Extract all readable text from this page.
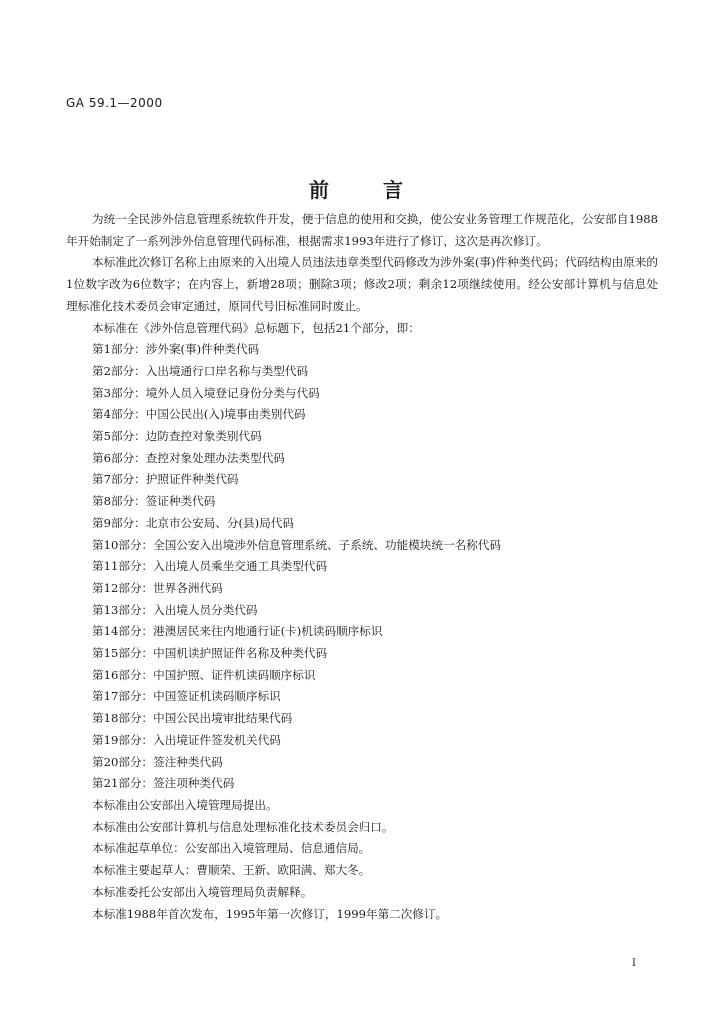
GA 59.1—2000
前	言

为统一全民涉外信息管理系统软件开发，便于信息的使用和交换，使公安业务管理工作规范化，公安部自1988年开始制定了一系列涉外信息管理代码标准，根据需求1993年进行了修订，这次是再次修订。

本标准此次修订名称上由原来的入出境人员违法违章类型代码修改为涉外案(事)件种类代码；代码结构由原来的1位数字改为6位数字；在内容上，新增28项；删除3项；修改2项；剩余12项继续使用。经公安部计算机与信息处理标准化技术委员会审定通过，原同代号旧标准同时废止。

本标准在《涉外信息管理代码》总标题下，包括21个部分，即：

第1部分：涉外案(事)件种类代码

第2部分：入出境通行口岸名称与类型代码

第3部分：境外人员入境登记身份分类与代码

第4部分：中国公民出(入)境事由类别代码

第5部分：边防查控对象类别代码

第6部分：查控对象处理办法类型代码

第7部分：护照证件种类代码

第8部分：签证种类代码

第9部分：北京市公安局、分(县)局代码

第10部分：全国公安入出境涉外信息管理系统、子系统、功能模块统一名称代码

第11部分：入出境人员乘坐交通工具类型代码

第12部分：世界各洲代码

第13部分：入出境人员分类代码

第14部分：港澳居民来往内地通行证(卡)机读码顺序标识

第15部分：中国机读护照证件名称及种类代码

第16部分：中国护照、证件机读码顺序标识

第17部分：中国签证机读码顺序标识

第18部分：中国公民出境审批结果代码

第19部分：入出境证件签发机关代码

第20部分：签注种类代码

第21部分：签注项种类代码

本标准由公安部出入境管理局提出。

本标准由公安部计算机与信息处理标准化技术委员会归口。

本标准起草单位：公安部出入境管理局、信息通信局。

本标准主要起草人：曹顺荣、王新、欧阳满、郑大冬。

本标准委托公安部出入境管理局负责解释。

本标准1988年首次发布，1995年第一次修订，1999年第二次修订。

I
